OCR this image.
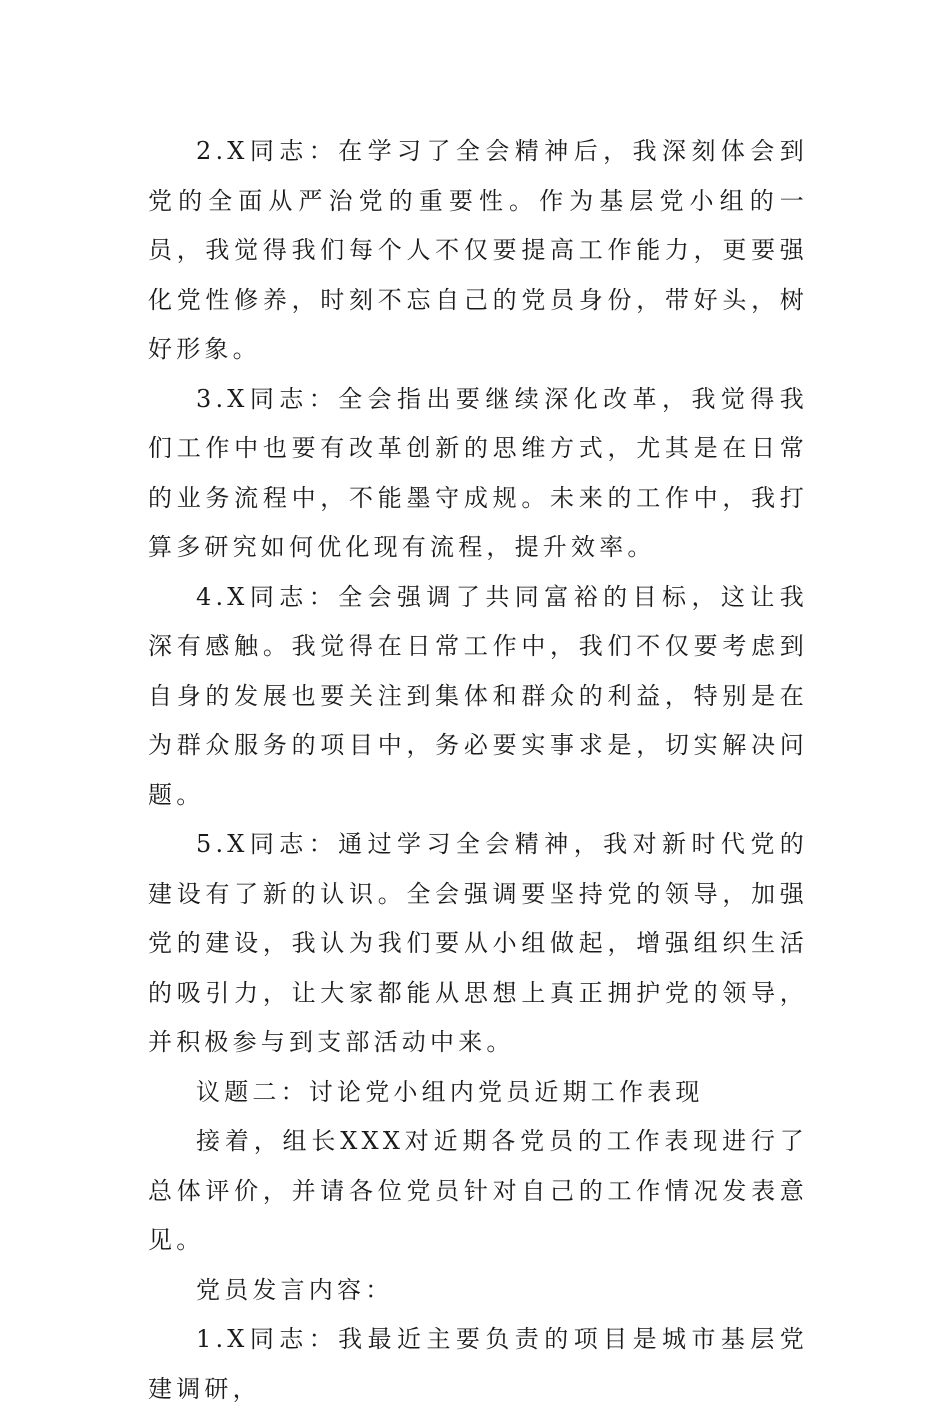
2.X同志：在学习了全会精神后，我深刻体会到党的全面从严治党的重要性。作为基层党小组的一员，我觉得我们每个人不仅要提高工作能力，更要强化党性修养，时刻不忘自己的党员身份，带好头，树好形象。

3.X同志：全会指出要继续深化改革，我觉得我们工作中也要有改革创新的思维方式，尤其是在日常的业务流程中，不能墨守成规。未来的工作中，我打算多研究如何优化现有流程，提升效率。

4.X同志：全会强调了共同富裕的目标，这让我深有感触。我觉得在日常工作中，我们不仅要考虑到自身的发展也要关注到集体和群众的利益，特别是在为群众服务的项目中，务必要实事求是，切实解决问题。

5.X同志：通过学习全会精神，我对新时代党的建设有了新的认识。全会强调要坚持党的领导，加强党的建设，我认为我们要从小组做起，增强组织生活的吸引力，让大家都能从思想上真正拥护党的领导，并积极参与到支部活动中来。

议题二：讨论党小组内党员近期工作表现

接着，组长XXX对近期各党员的工作表现进行了总体评价，并请各位党员针对自己的工作情况发表意见。

党员发言内容：

1.X同志：我最近主要负责的项目是城市基层党建调研，
